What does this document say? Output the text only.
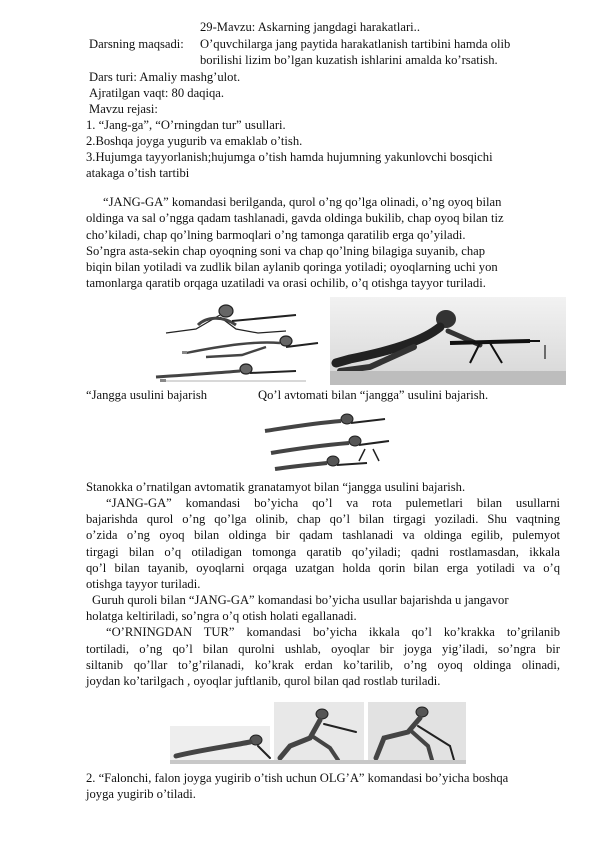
29-Mavzu: Askarning jangdagi harakatlari..
Darsning maqsadi: O’quvchilarga jang paytida harakatlanish tartibini hamda olib
borilishi lizim bo’lgan kuzatish ishlarini amalda ko’rsatish.
Dars turi: Amaliy mashg’ulot.
Ajratilgan vaqt: 80 daqiqa.
Mavzu rejasi:
1. “Jang-ga”, “O’rningdan tur” usullari.
2.Boshqa joyga yugurib va emaklab o’tish.
3.Hujumga tayyorlanish;hujumga o’tish hamda hujumning yakunlovchi bosqichi
atakaga o’tish tartibi
“JANG-GA” komandasi berilganda, qurol o’ng qo’lga olinadi, o’ng oyoq bilan
oldinga va sal o’ngga qadam tashlanadi, gavda oldinga bukilib, chap oyoq bilan tiz
cho’kiladi, chap qo’lning barmoqlari o’ng tamonga qaratilib erga qo’yiladi.
So’ngra asta-sekin chap oyoqning soni va chap qo’lning bilagiga suyanib, chap
biqin bilan yotiladi va zudlik bilan aylanib qoringa yotiladi; oyoqlarning uchi yon
tamonlarga qaratib orqaga uzatiladi va orasi ochilib, o’q otishga tayyor turiladi.
“Jangga usulini bajarish	Qo’l avtomati bilan “jangga” usulini bajarish.
Stanokka o’rnatilgan avtomatik granatamyot bilan “jangga usulini bajarish.
“JANG-GA” komandasi bo’yicha qo’l va rota pulemetlari bilan usullarni
bajarishda qurol o’ng qo’lga olinib, chap qo’l bilan tirgagi yoziladi. Shu vaqtning
o’zida o’ng oyoq bilan oldinga bir qadam tashlanadi va oldinga egilib, pulemyot
tirgagi bilan o’q otiladigan tomonga qaratib qo’yiladi; qadni rostlamasdan, ikkala
qo’l bilan tayanib, oyoqlarni orqaga uzatgan holda qorin bilan erga yotiladi va o’q
otishga tayyor turiladi.
Guruh quroli bilan “JANG-GA” komandasi bo’yicha usullar bajarishda u jangavor
holatga keltiriladi, so’ngra o’q otish holati egallanadi.
“O’RNINGDAN TUR” komandasi bo’yicha ikkala qo’l ko’krakka to’grilanib
tortiladi, o’ng qo’l bilan qurolni ushlab, oyoqlar bir joyga yig’iladi, so’ngra bir
siltanib qo’llar to’g’rilanadi, ko’krak erdan ko’tarilib, o’ng oyoq oldinga olinadi,
joydan ko’tarilgach , oyoqlar juftlanib, qurol bilan qad rostlab turiladi.
2. “Falonchi, falon joyga yugirib o’tish uchun OLG’A” komandasi bo’yicha boshqa
joyga yugirib o’tiladi.
